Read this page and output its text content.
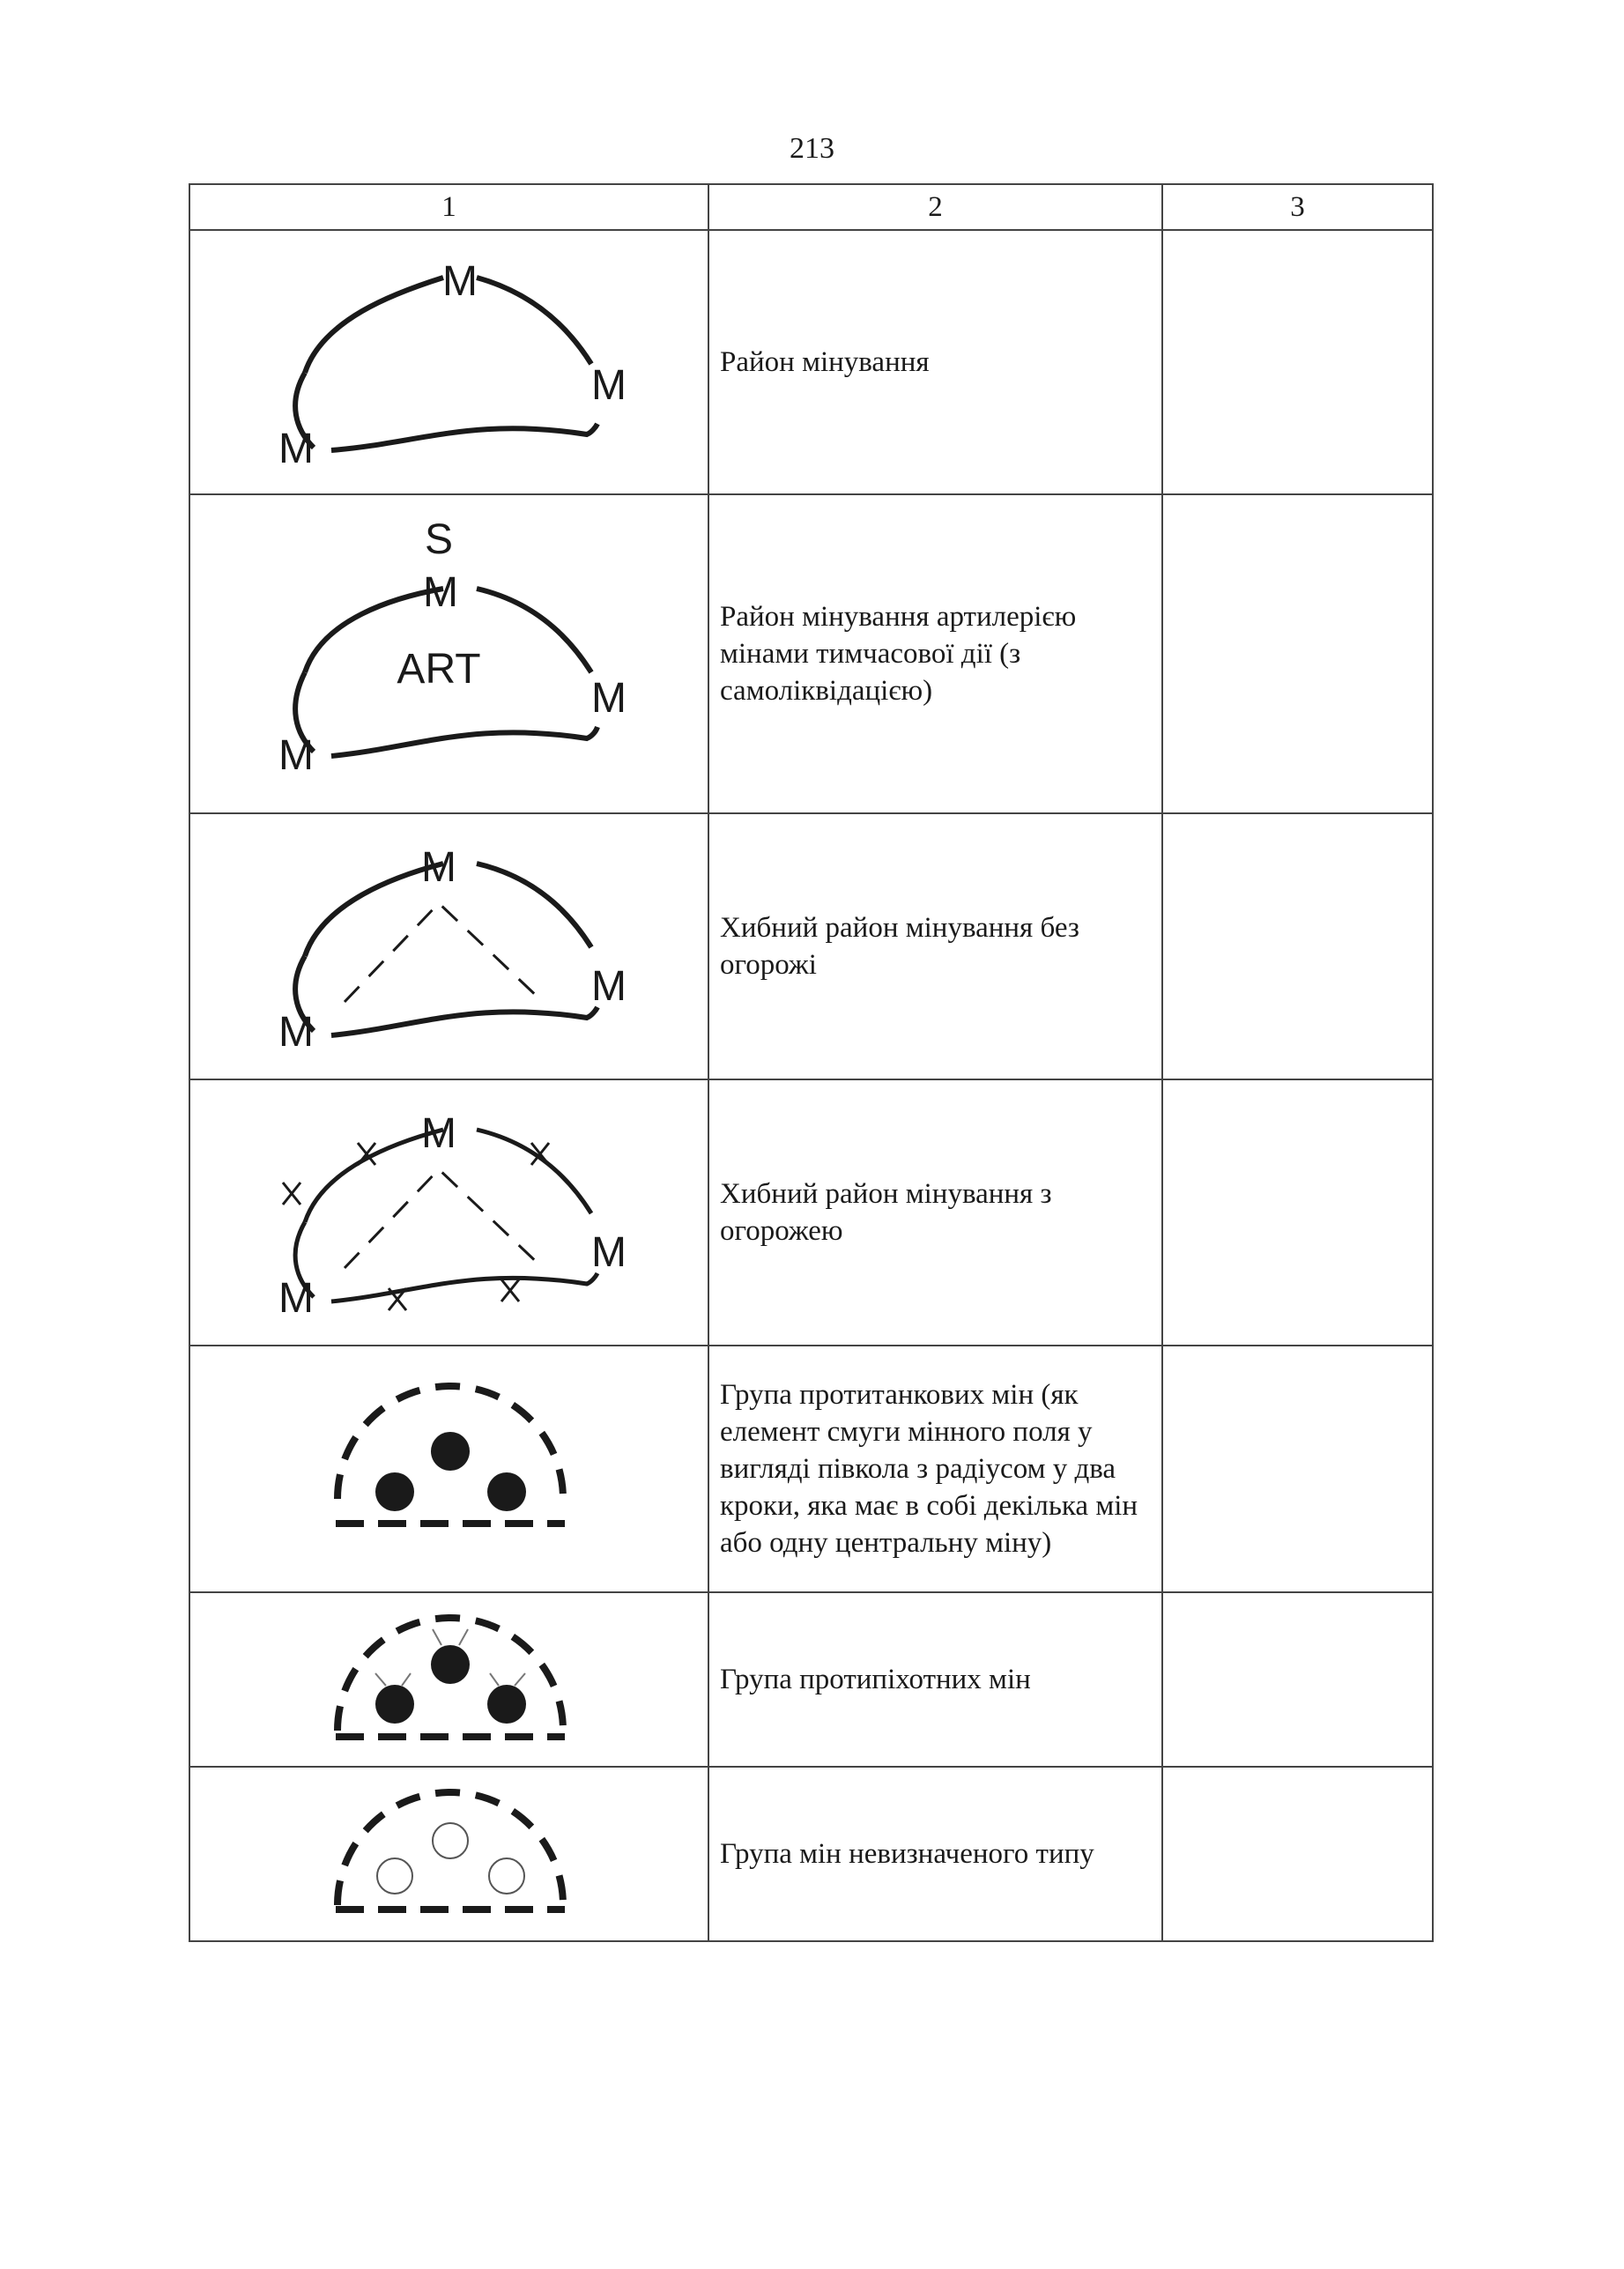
213
1	2	3

M
M
M	Район мінування	

S
M
ART
M
M	Район мінування артилерією мінами тимчасової дії (з самоліквідацією)	

M
M
M	Хибний район мінування без огорожі	

M
M
M	Хибний район мінування з огорожею	

	Група протитанкових мін (як елемент смуги мінного поля у вигляді півкола з радіусом у два кроки, яка має в собі декілька мін або одну центральну міну)	

	Група протипіхотних мін	

	Група мін невизначеного типу	
